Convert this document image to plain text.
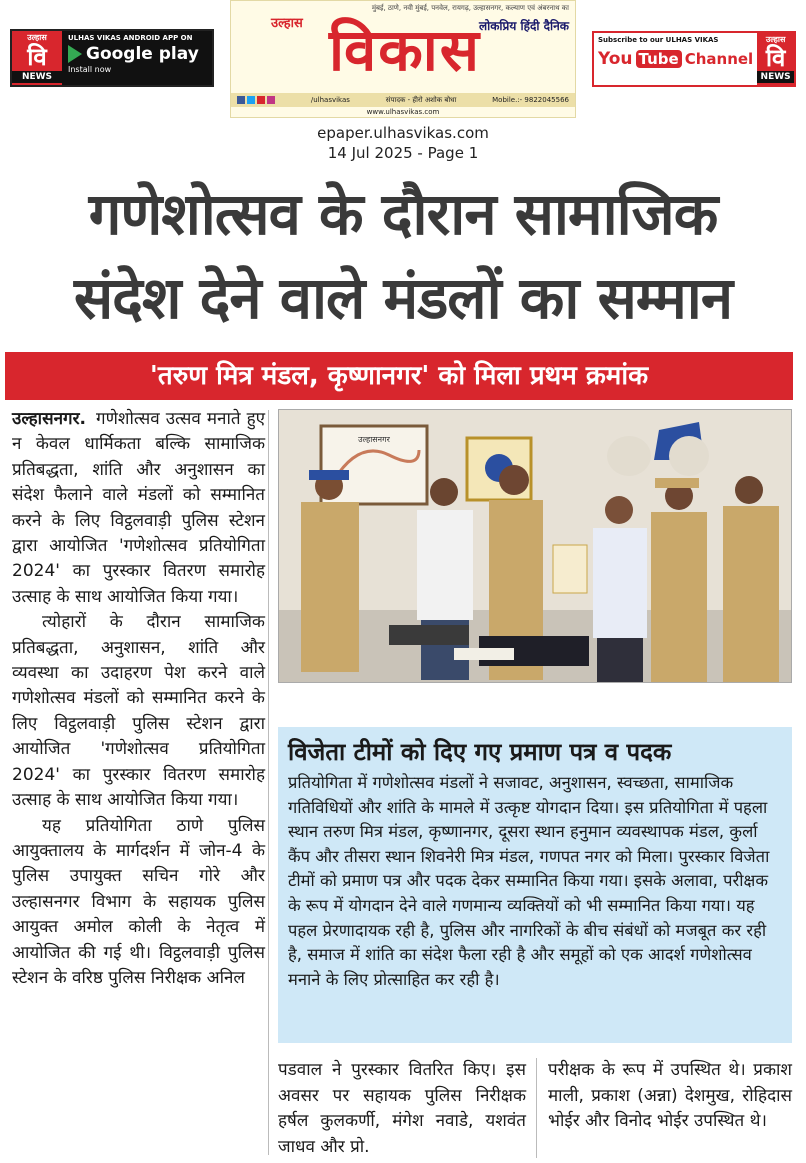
उल्हास
वि
NEWS
ULHAS VIKAS ANDROID APP ON
Google play
Install now
मुंबई, ठाणे, नवी मुंबई, पनवेल, रायगढ़, उल्हासनगर, कल्याण एवं अंबरनाथ का
लोकप्रिय हिंदी दैनिक
विकास
उल्हास
/ulhasvikas	संपादक - हीरो अशोक बोधा	Mobile.:- 9822045566
www.ulhasvikas.com
Subscribe to our ULHAS VIKAS
You Tube Channel
उल्हास
वि
NEWS
epaper.ulhasvikas.com
14 Jul 2025 - Page 1
गणेशोत्सव के दौरान सामाजिक
संदेश देने वाले मंडलों का सम्मान
'तरुण मित्र मंडल, कृष्णानगर' को मिला प्रथम क्रमांक

उल्हासनगर. गणेशोत्सव उत्सव मनाते हुए न केवल धार्मिकता बल्कि सामाजिक प्रतिबद्धता, शांति और अनुशासन का संदेश फैलाने वाले मंडलों को सम्मानित करने के लिए विट्ठलवाड़ी पुलिस स्टेशन द्वारा आयोजित 'गणेशोत्सव प्रतियोगिता 2024' का पुरस्कार वितरण समारोह उत्साह के साथ आयोजित किया गया।

त्योहारों के दौरान सामाजिक प्रतिबद्धता, अनुशासन, शांति और व्यवस्था का उदाहरण पेश करने वाले गणेशोत्सव मंडलों को सम्मानित करने के लिए विट्ठलवाड़ी पुलिस स्टेशन द्वारा आयोजित 'गणेशोत्सव प्रतियोगिता 2024' का पुरस्कार वितरण समारोह उत्साह के साथ आयोजित किया गया।

यह प्रतियोगिता ठाणे पुलिस आयुक्तालय के मार्गदर्शन में जोन-4 के पुलिस उपायुक्त सचिन गोरे और उल्हासनगर विभाग के सहायक पुलिस आयुक्त अमोल कोली के नेतृत्व में आयोजित की गई थी। विट्ठलवाड़ी पुलिस स्टेशन के वरिष्ठ पुलिस निरीक्षक अनिल

उल्हासनगर
विजेता टीमों को दिए गए प्रमाण पत्र व पदक
प्रतियोगिता में गणेशोत्सव मंडलों ने सजावट, अनुशासन, स्वच्छता, सामाजिक गतिविधियों और शांति के मामले में उत्कृष्ट योगदान दिया। इस प्रतियोगिता में पहला स्थान तरुण मित्र मंडल, कृष्णानगर, दूसरा स्थान हनुमान व्यवस्थापक मंडल, कुर्ला कैंप और तीसरा स्थान शिवनेरी मित्र मंडल, गणपत नगर को मिला। पुरस्कार विजेता टीमों को प्रमाण पत्र और पदक देकर सम्मानित किया गया। इसके अलावा, परीक्षक के रूप में योगदान देने वाले गणमान्य व्यक्तियों को भी सम्मानित किया गया। यह पहल प्रेरणादायक रही है, पुलिस और नागरिकों के बीच संबंधों को मजबूत कर रही है, समाज में शांति का संदेश फैला रही है और समूहों को एक आदर्श गणेशोत्सव मनाने के लिए प्रोत्साहित कर रही है।
पडवाल ने पुरस्कार वितरित किए। इस अवसर पर सहायक पुलिस निरीक्षक हर्षल कुलकर्णी, मंगेश नवाडे, यशवंत जाधव और प्रो.
परीक्षक के रूप में उपस्थित थे। प्रकाश माली, प्रकाश (अन्ना) देशमुख, रोहिदास भोईर और विनोद भोईर उपस्थित थे।
